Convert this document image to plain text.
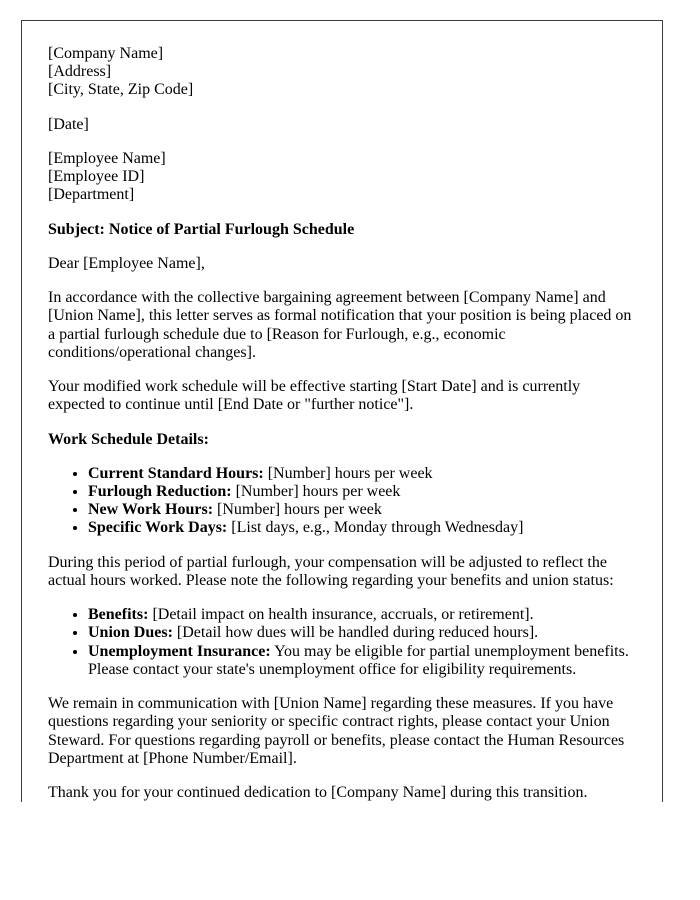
[Company Name]
[Address]
[City, State, Zip Code]
[Date]
[Employee Name]
[Employee ID]
[Department]
Subject: Notice of Partial Furlough Schedule
Dear [Employee Name],
In accordance with the collective bargaining agreement between [Company Name] and [Union Name], this letter serves as formal notification that your position is being placed on a partial furlough schedule due to [Reason for Furlough, e.g., economic conditions/operational changes].
Your modified work schedule will be effective starting [Start Date] and is currently expected to continue until [End Date or "further notice"].
Work Schedule Details:
• Current Standard Hours: [Number] hours per week
• Furlough Reduction: [Number] hours per week
• New Work Hours: [Number] hours per week
• Specific Work Days: [List days, e.g., Monday through Wednesday]
During this period of partial furlough, your compensation will be adjusted to reflect the actual hours worked. Please note the following regarding your benefits and union status:
• Benefits: [Detail impact on health insurance, accruals, or retirement].
• Union Dues: [Detail how dues will be handled during reduced hours].
• Unemployment Insurance: You may be eligible for partial unemployment benefits. Please contact your state's unemployment office for eligibility requirements.
We remain in communication with [Union Name] regarding these measures. If you have questions regarding your seniority or specific contract rights, please contact your Union Steward. For questions regarding payroll or benefits, please contact the Human Resources Department at [Phone Number/Email].
Thank you for your continued dedication to [Company Name] during this transition.
